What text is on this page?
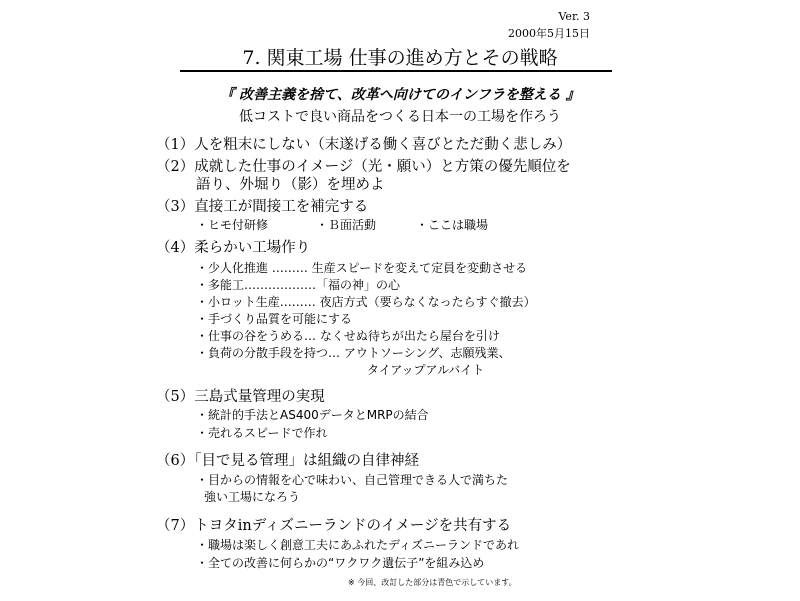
Ver. 3
2000年5月15日
7. 関東工場 仕事の進め方とその戦略
『 改善主義を捨て、改革へ向けてのインフラを整える 』
低コストで良い商品をつくる日本一の工場を作ろう
（1）人を粗末にしない（末遂げる働く喜びとただ動く悲しみ）
（2）成就した仕事のイメージ（光・願い）と方策の優先順位を
語り、外堀り（影）を埋めよ
（3）直接工が間接工を補完する
・ヒモ付研修	・Ｂ面活動	・ここは職場
（4）柔らかい工場作り
・少人化推進 ……… 生産スピードを変えて定員を変動させる
・多能工………………「福の神」の心
・小ロット生産……… 夜店方式（要らなくなったらすぐ撤去）
・手づくり品質を可能にする
・仕事の谷をうめる… なくせぬ待ちが出たら屋台を引け
・負荷の分散手段を持つ… アウトソーシング、志願残業、
タイアップアルバイト
（5）三島式量管理の実現
・統計的手法とAS400データとMRPの結合
・売れるスピードで作れ
（6）「目で見る管理」は組織の自律神経
・目からの情報を心で味わい、自己管理できる人で満ちた
強い工場になろう
（7）トヨタinディズニーランドのイメージを共有する
・職場は楽しく創意工夫にあふれたディズニーランドであれ
・全ての改善に何らかの“ワクワク遺伝子”を組み込め
※ 今回、改訂した部分は青色で示しています。
